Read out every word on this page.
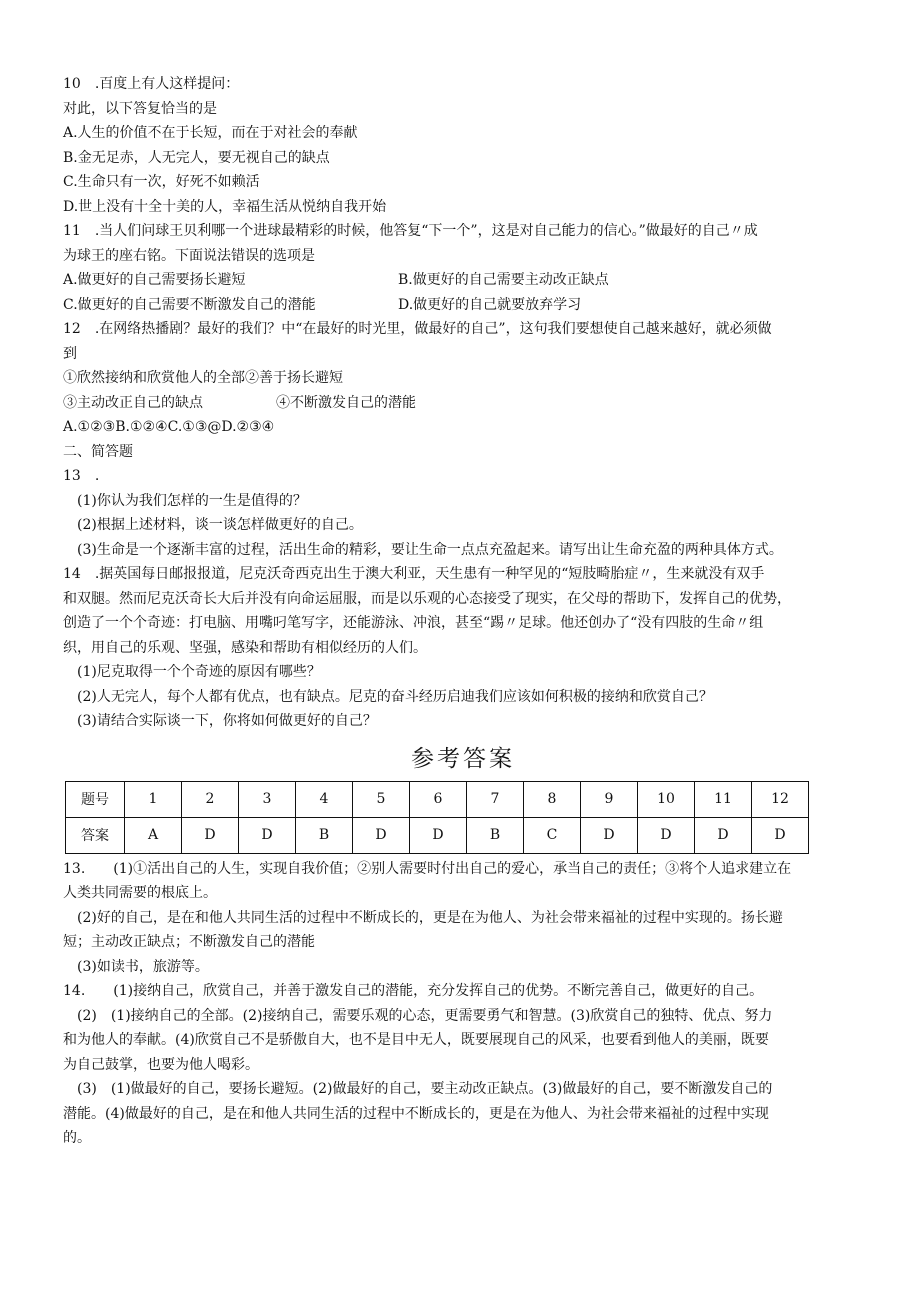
10　.百度上有人这样提问：
对此，以下答复恰当的是
A.人生的价值不在于长短，而在于对社会的奉献
B.金无足赤，人无完人，要无视自己的缺点
C.生命只有一次，好死不如赖活
D.世上没有十全十美的人，幸福生活从悦纳自我开始
11　.当人们问球王贝利哪一个进球最精彩的时候，他答复“下一个”，这是对自己能力的信心。”做最好的自己〃成
为球王的座右铭。下面说法错误的选项是
A.做更好的自己需要扬长避短	B.做更好的自己需要主动改正缺点
C.做更好的自己需要不断激发自己的潜能	D.做更好的自己就要放弃学习
12　.在网络热播剧？最好的我们？中“在最好的时光里，做最好的自己”，这句我们要想使自己越来越好，就必须做
到
①欣然接纳和欣赏他人的全部②善于扬长避短
③主动改正自己的缺点	④不断激发自己的潜能
A.①②③B.①②④C.①③@D.②③④
二、简答题
13　.
(1)你认为我们怎样的一生是值得的？
(2)根据上述材料，谈一谈怎样做更好的自己。
(3)生命是一个逐渐丰富的过程，活出生命的精彩，要让生命一点点充盈起来。请写出让生命充盈的两种具体方式。
14　.据英国每日邮报报道，尼克沃奇西克出生于澳大利亚，天生患有一种罕见的“短肢畸胎症〃，生来就没有双手
和双腿。然而尼克沃奇长大后并没有向命运屈服，而是以乐观的心态接受了现实，在父母的帮助下，发挥自己的优势，
创造了一个个奇迹：打电脑、用嘴叼笔写字，还能游泳、冲浪，甚至“踢〃足球。他还创办了“没有四肢的生命〃组
织，用自己的乐观、坚强，感染和帮助有相似经历的人们。
(1)尼克取得一个个奇迹的原因有哪些？
(2)人无完人，每个人都有优点，也有缺点。尼克的奋斗经历启迪我们应该如何积极的接纳和欣赏自己？
(3)请结合实际谈一下，你将如何做更好的自己？
参考答案
题号	1	2	3	4	5	6	7	8	9	10	11	12
答案	A	D	D	B	D	D	B	C	D	D	D	D
13.　　(1)①活出自己的人生，实现自我价值；②别人需要时付出自己的爱心，承当自己的责任；③将个人追求建立在
人类共同需要的根底上。
(2)好的自己，是在和他人共同生活的过程中不断成长的，更是在为他人、为社会带来福祉的过程中实现的。扬长避
短；主动改正缺点；不断激发自己的潜能
(3)如读书，旅游等。
14.　　(1)接纳自己，欣赏自己，并善于激发自己的潜能，充分发挥自己的优势。不断完善自己，做更好的自己。
(2)　(1)接纳自己的全部。(2)接纳自己，需要乐观的心态，更需要勇气和智慧。(3)欣赏自己的独特、优点、努力
和为他人的奉献。(4)欣赏自己不是骄傲自大，也不是目中无人，既要展现自己的风采，也要看到他人的美丽，既要
为自己鼓掌，也要为他人喝彩。
(3)　(1)做最好的自己，要扬长避短。(2)做最好的自己，要主动改正缺点。(3)做最好的自己，要不断激发自己的
潜能。(4)做最好的自己，是在和他人共同生活的过程中不断成长的，更是在为他人、为社会带来福祉的过程中实现
的。
